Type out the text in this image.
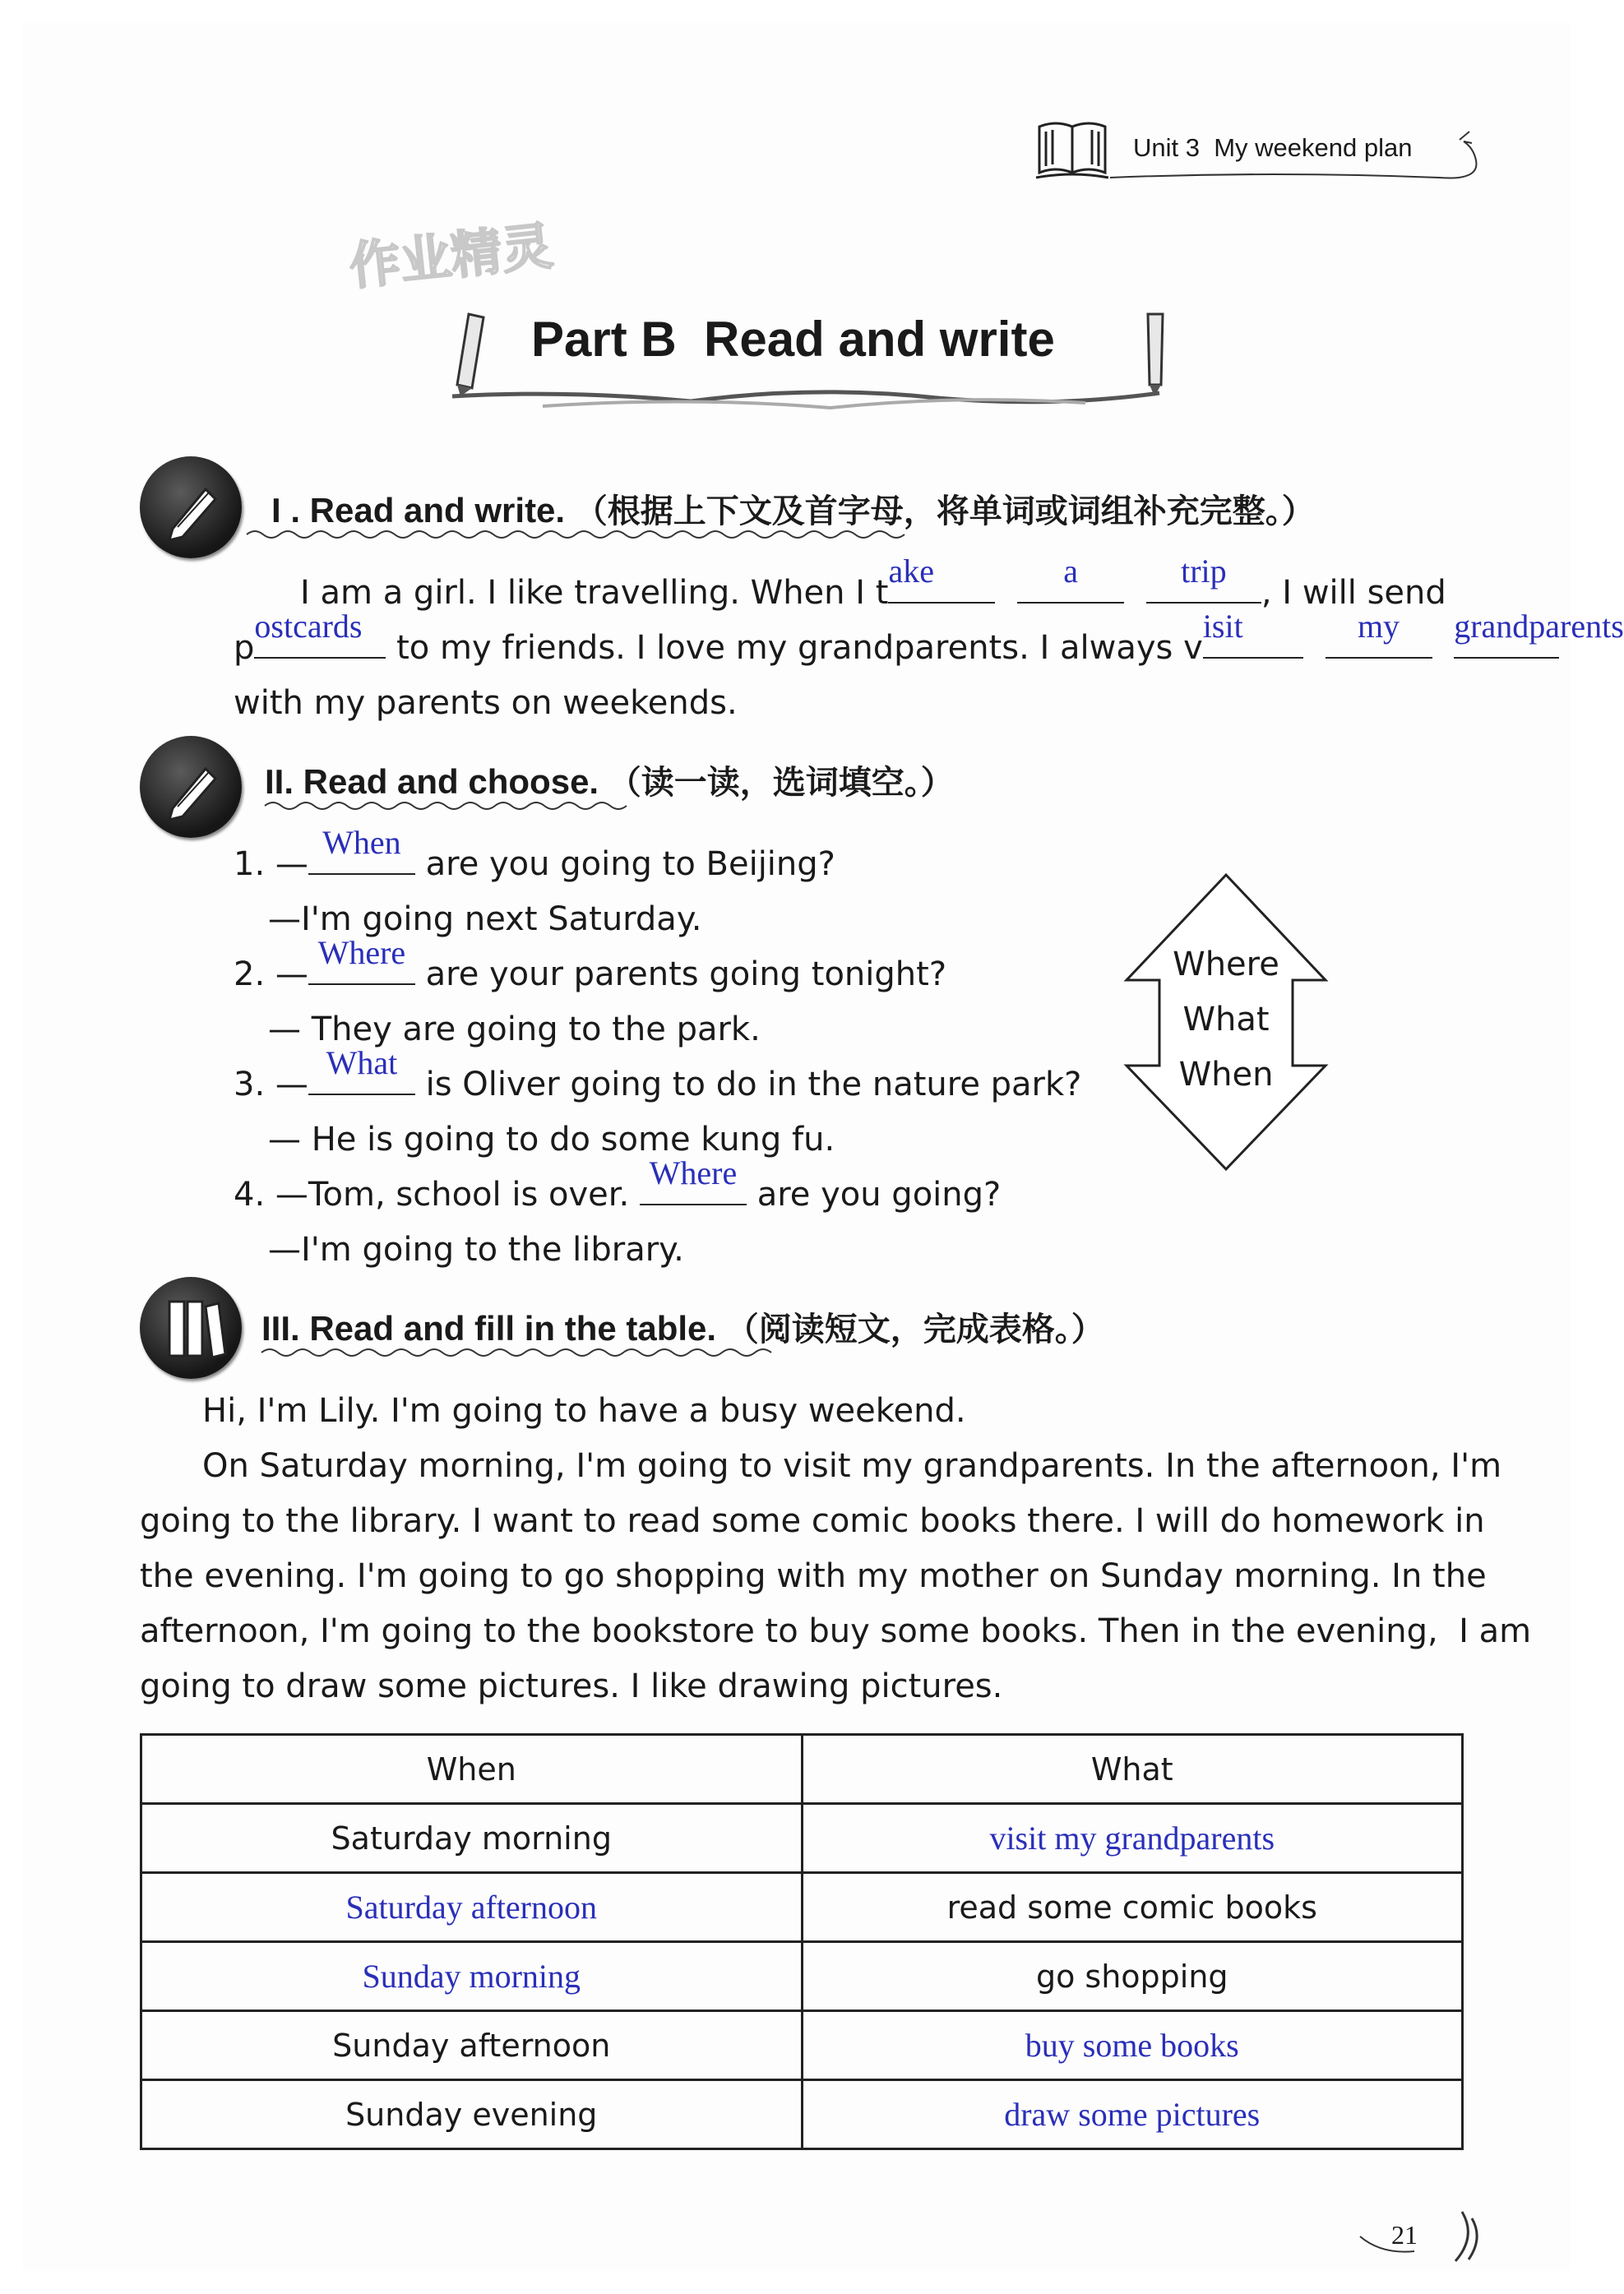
Unit 3 My weekend plan
作业精灵
Part B  Read and write
I . Read and write. （根据上下文及首字母，将单词或词组补充完整。）
I am a girl. I like travelling. When I t
ake
	a
	trip
, I will send
p
ostcards
to my friends. I love my grandparents. I always v
isit
	my
	grandparents
with my parents on weekends.
II. Read and choose. （读一读，选词填空。）
1. —
When
are you going to Beijing?
—I'm going next Saturday.
2. —
Where
are your parents going tonight?
— They are going to the park.
3. —
What
is Oliver going to do in the nature park?
— He is going to do some kung fu.
4. —Tom, school is over.
Where
are you going?
—I'm going to the library.
Where
What
When
III. Read and fill in the table. （阅读短文，完成表格。）
Hi, I'm Lily. I'm going to have a busy weekend.
On Saturday morning, I'm going to visit my grandparents. In the afternoon, I'm
going to the library. I want to read some comic books there. I will do homework in
the evening. I'm going to go shopping with my mother on Sunday morning. In the
afternoon, I'm going to the bookstore to buy some books. Then in the evening,  I am
going to draw some pictures. I like drawing pictures.
When	What
Saturday morning	visit my grandparents
Saturday afternoon	read some comic books
Sunday morning	go shopping
Sunday afternoon	buy some books
Sunday evening	draw some pictures
21
